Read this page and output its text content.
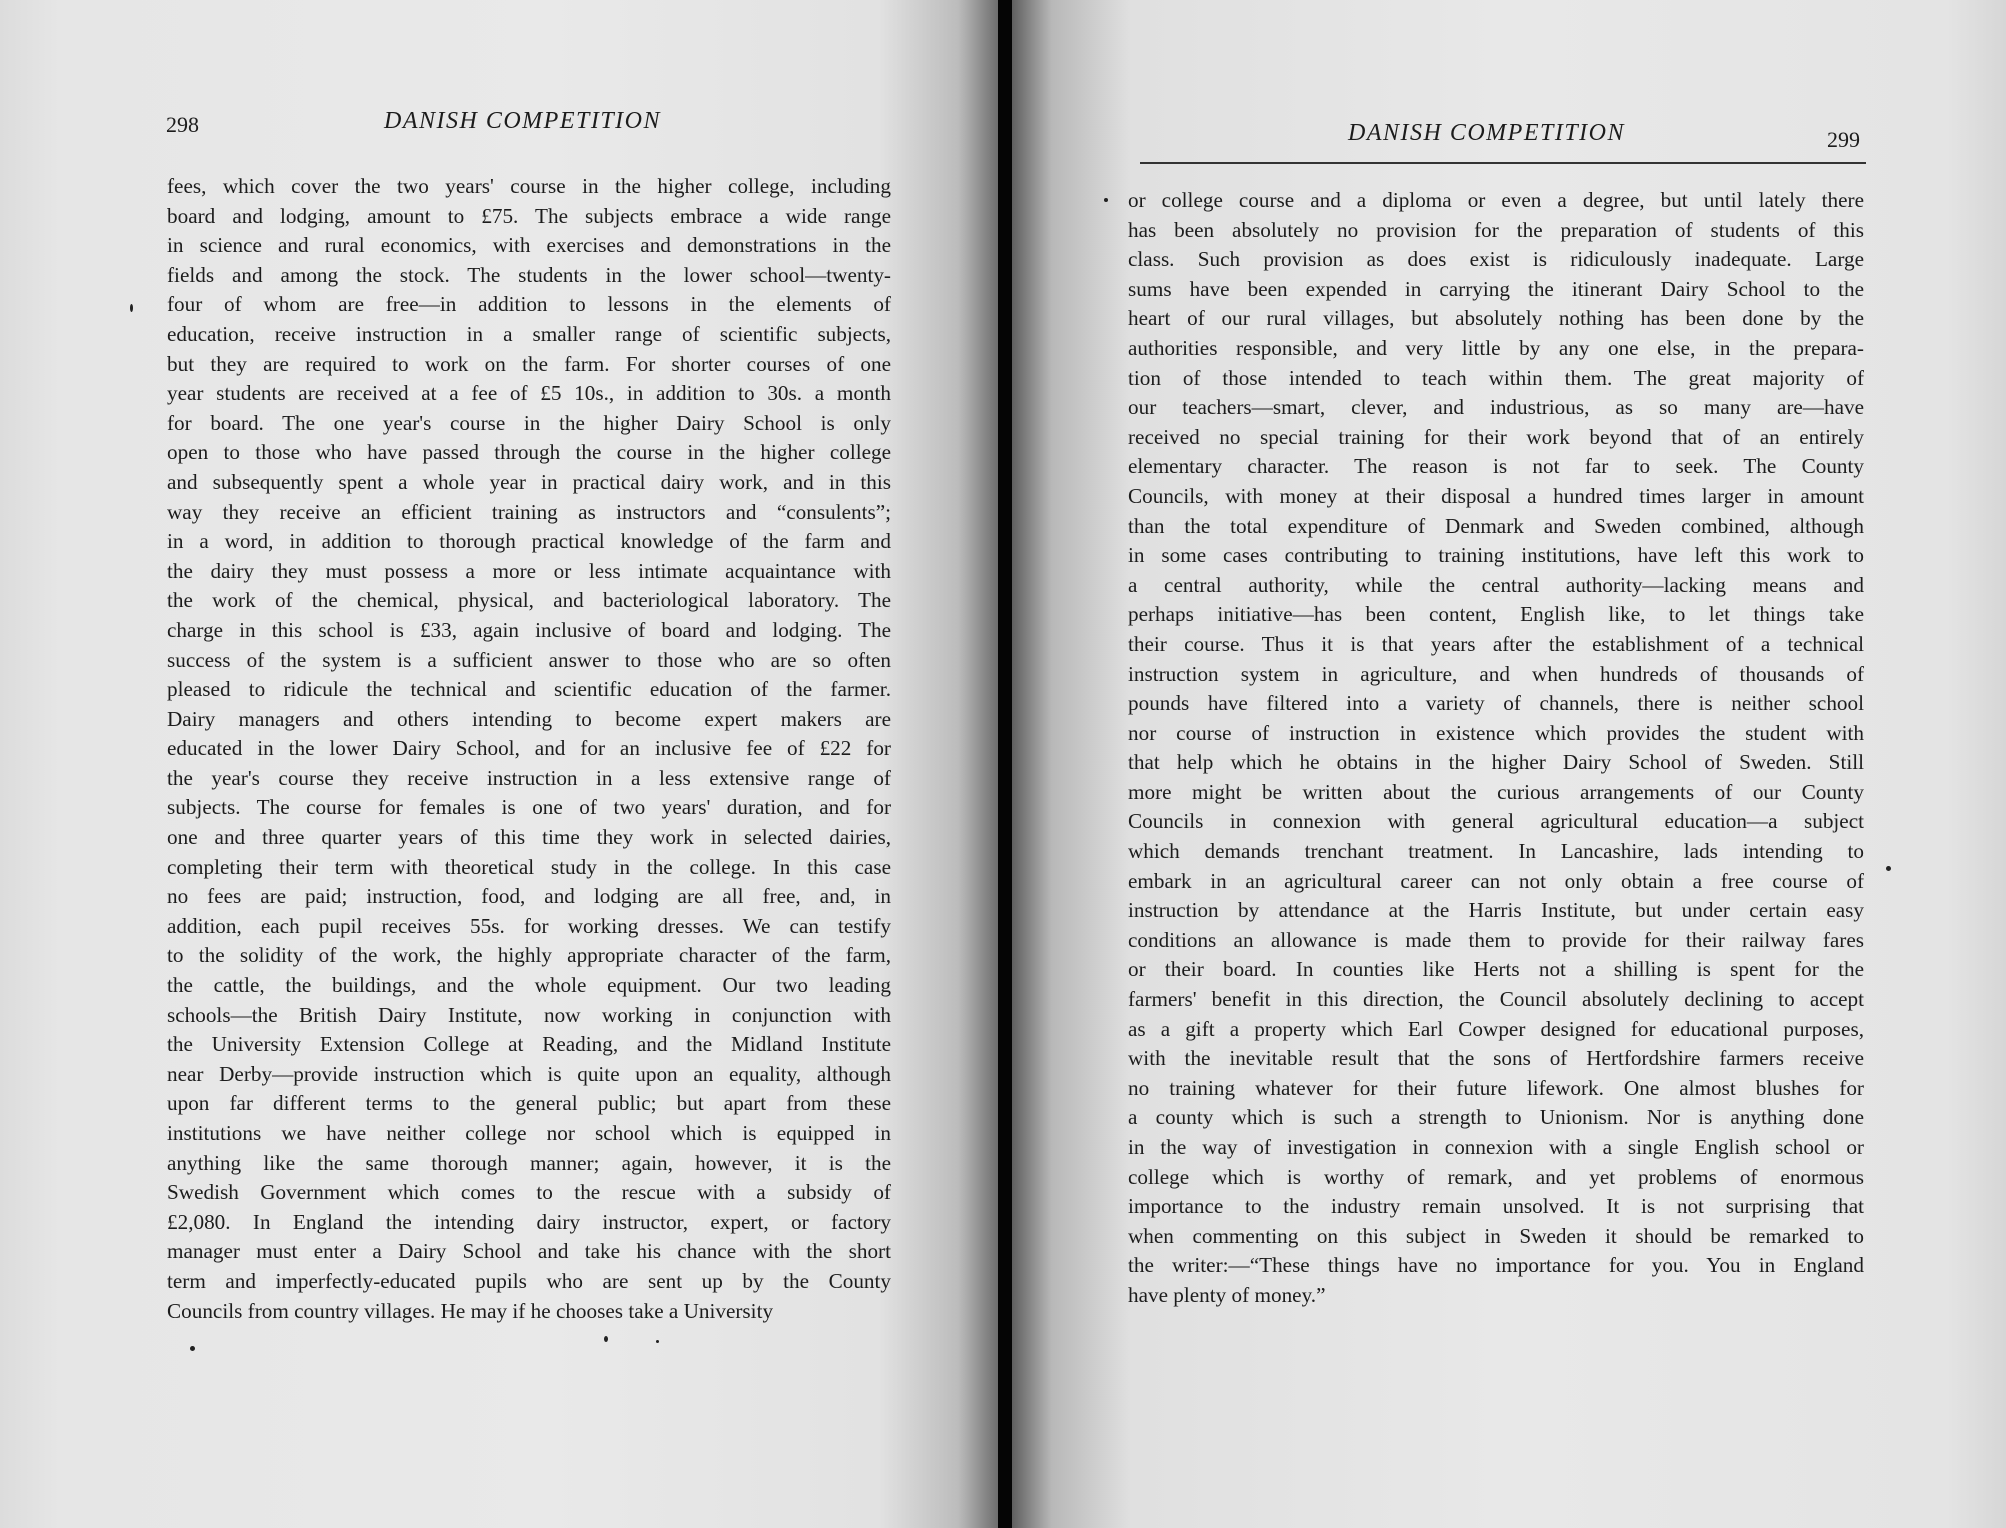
298	DANISH COMPETITION
fees, which cover the two years' course in the higher college, including
board and lodging, amount to £75. The subjects embrace a wide range
in science and rural economics, with exercises and demonstrations in the
fields and among the stock. The students in the lower school—twenty-
four of whom are free—in addition to lessons in the elements of
education, receive instruction in a smaller range of scientific subjects,
but they are required to work on the farm. For shorter courses of one
year students are received at a fee of £5 10s., in addition to 30s. a month
for board. The one year's course in the higher Dairy School is only
open to those who have passed through the course in the higher college
and subsequently spent a whole year in practical dairy work, and in this
way they receive an efficient training as instructors and “consulents”;
in a word, in addition to thorough practical knowledge of the farm and
the dairy they must possess a more or less intimate acquaintance with
the work of the chemical, physical, and bacteriological laboratory. The
charge in this school is £33, again inclusive of board and lodging. The
success of the system is a sufficient answer to those who are so often
pleased to ridicule the technical and scientific education of the farmer.
Dairy managers and others intending to become expert makers are
educated in the lower Dairy School, and for an inclusive fee of £22 for
the year's course they receive instruction in a less extensive range of
subjects. The course for females is one of two years' duration, and for
one and three quarter years of this time they work in selected dairies,
completing their term with theoretical study in the college. In this case
no fees are paid; instruction, food, and lodging are all free, and, in
addition, each pupil receives 55s. for working dresses. We can testify
to the solidity of the work, the highly appropriate character of the farm,
the cattle, the buildings, and the whole equipment. Our two leading
schools—the British Dairy Institute, now working in conjunction with
the University Extension College at Reading, and the Midland Institute
near Derby—provide instruction which is quite upon an equality, although
upon far different terms to the general public; but apart from these
institutions we have neither college nor school which is equipped in
anything like the same thorough manner; again, however, it is the
Swedish Government which comes to the rescue with a subsidy of
£2,080. In England the intending dairy instructor, expert, or factory
manager must enter a Dairy School and take his chance with the short
term and imperfectly-educated pupils who are sent up by the County
Councils from country villages. He may if he chooses take a University
DANISH COMPETITION	299
or college course and a diploma or even a degree, but until lately there
has been absolutely no provision for the preparation of students of this
class. Such provision as does exist is ridiculously inadequate. Large
sums have been expended in carrying the itinerant Dairy School to the
heart of our rural villages, but absolutely nothing has been done by the
authorities responsible, and very little by any one else, in the prepara-
tion of those intended to teach within them. The great majority of
our teachers—smart, clever, and industrious, as so many are—have
received no special training for their work beyond that of an entirely
elementary character. The reason is not far to seek. The County
Councils, with money at their disposal a hundred times larger in amount
than the total expenditure of Denmark and Sweden combined, although
in some cases contributing to training institutions, have left this work to
a central authority, while the central authority—lacking means and
perhaps initiative—has been content, English like, to let things take
their course. Thus it is that years after the establishment of a technical
instruction system in agriculture, and when hundreds of thousands of
pounds have filtered into a variety of channels, there is neither school
nor course of instruction in existence which provides the student with
that help which he obtains in the higher Dairy School of Sweden. Still
more might be written about the curious arrangements of our County
Councils in connexion with general agricultural education—a subject
which demands trenchant treatment. In Lancashire, lads intending to
embark in an agricultural career can not only obtain a free course of
instruction by attendance at the Harris Institute, but under certain easy
conditions an allowance is made them to provide for their railway fares
or their board. In counties like Herts not a shilling is spent for the
farmers' benefit in this direction, the Council absolutely declining to accept
as a gift a property which Earl Cowper designed for educational purposes,
with the inevitable result that the sons of Hertfordshire farmers receive
no training whatever for their future lifework. One almost blushes for
a county which is such a strength to Unionism. Nor is anything done
in the way of investigation in connexion with a single English school or
college which is worthy of remark, and yet problems of enormous
importance to the industry remain unsolved. It is not surprising that
when commenting on this subject in Sweden it should be remarked to
the writer:—“These things have no importance for you. You in England
have plenty of money.”
